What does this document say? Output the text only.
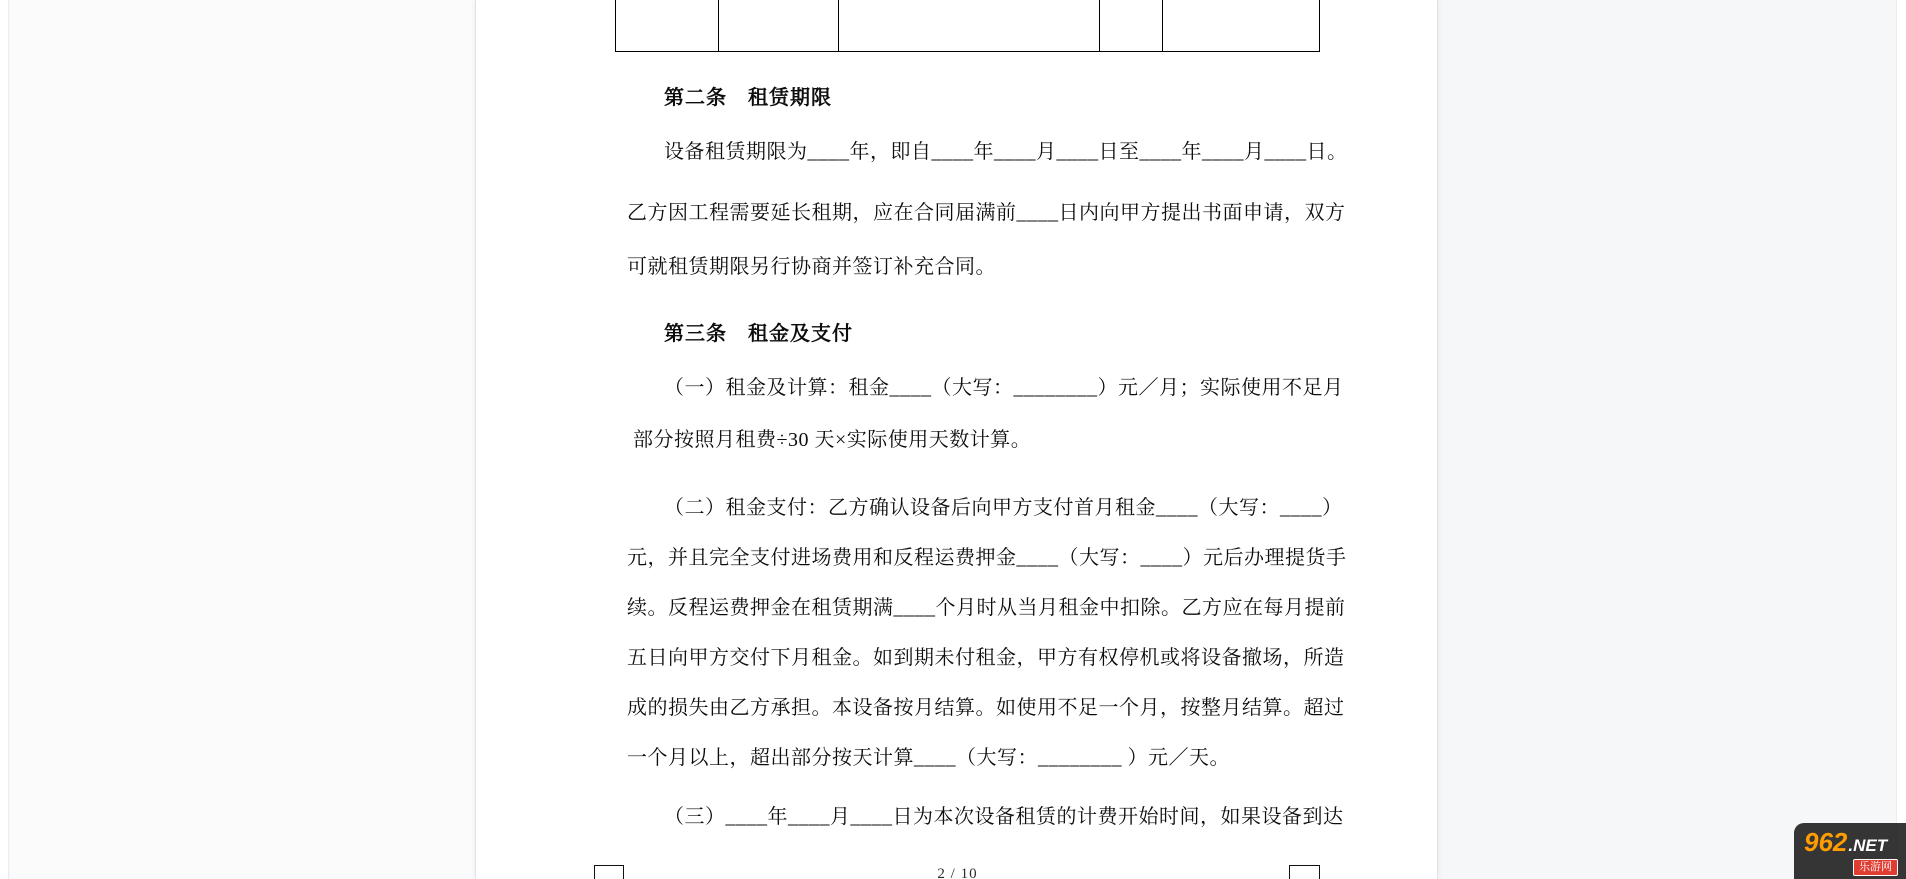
第二条　租赁期限
设备租赁期限为____年，即自____年____月____日至____年____月____日。
乙方因工程需要延长租期，应在合同届满前____日内向甲方提出书面申请，双方
可就租赁期限另行协商并签订补充合同。
第三条　租金及支付
（一）租金及计算：租金____（大写：________）元／月；实际使用不足月
部分按照月租费÷30 天×实际使用天数计算。
（二）租金支付：乙方确认设备后向甲方支付首月租金____（大写：____）
元，并且完全支付进场费用和反程运费押金____（大写：____）元后办理提货手
续。反程运费押金在租赁期满____个月时从当月租金中扣除。乙方应在每月提前
五日向甲方交付下月租金。如到期未付租金，甲方有权停机或将设备撤场，所造
成的损失由乙方承担。本设备按月结算。如使用不足一个月，按整月结算。超过
一个月以上，超出部分按天计算____（大写：________ ）元／天。
（三）____年____月____日为本次设备租赁的计费开始时间，如果设备到达
2 / 10
962 .NET
乐游网
